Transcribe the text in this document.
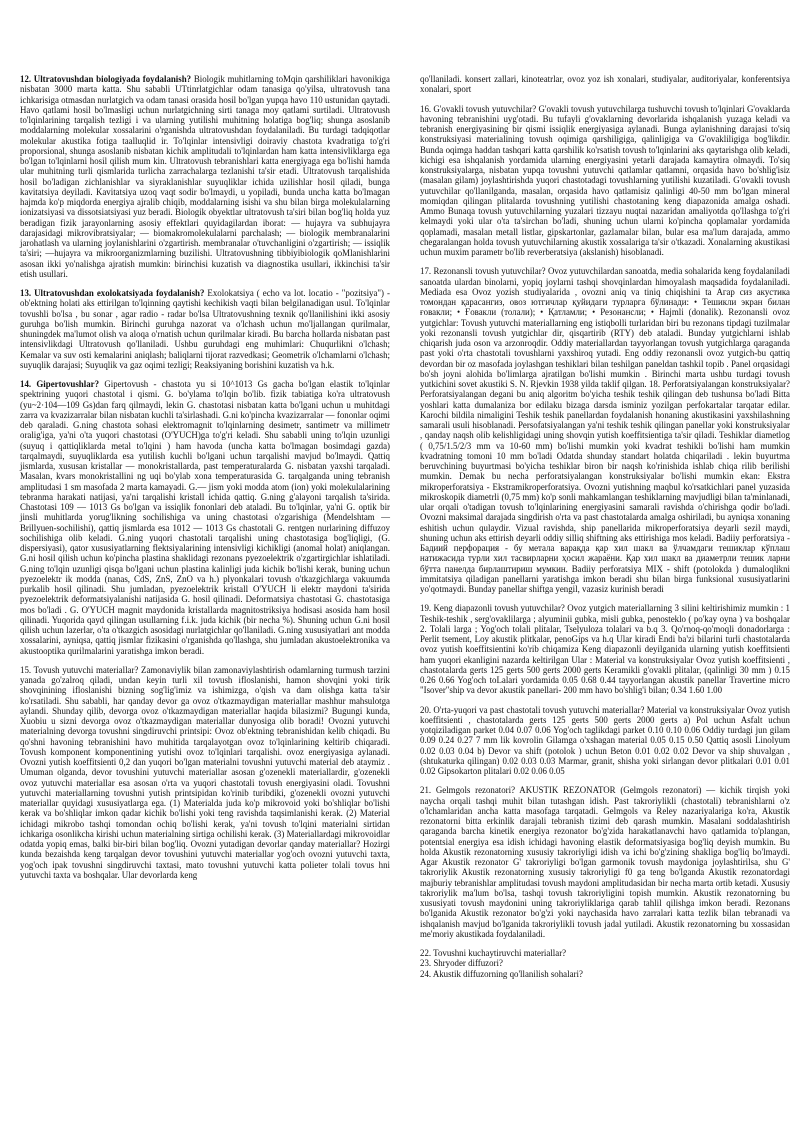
12. Ultratovushdan biologiyada foydalanish? Biologik muhitlarning toMqin qarshiliklari havonikiga nisbatan 3000 marta katta. Shu sababli UTtinrlatgichlar odam tanasiga qo'yilsa, ultratovush tana ichkarisiga otmasdan nurlatgich va odam tanasi orasida hosil bo'lgan yupqa havo 110 ustunidan qaytadi. Havo qatlami hosil bo'lmasligi uchun nurlatgichning sirti tanaga moy qatlami surtiladi. Ultratovush to'lqinlarining tarqalish tezligi i va ularning yutilishi muhitning holatiga bog'liq; shunga asoslanib moddalarning molekular xossalarini o'rganishda ultratovushdan foydalaniladi. Bu turdagi tadqiqotlar molekular akustika fotiga taalluqlid ir. To'lqinlar intensivligi doiraviy chastota kvadratiga to'g'ri proporsional, shunga asoslanib nisbatan kichik amplitudali to'lqinlardan ham katta intensivliklarga ega bo'lgan to'lqinlarni hosil qilish mum kin. Ultratovush tebranishlari katta energiyaga ega bo'lishi hamda ular muhitning turli qismlarida turlicha zarrachalarga tezlanishi ta'sir etadi. Ultratovush tarqalishida hosil bo'ladigan zichlanishlar va siyraklanishlar suyuqliklar ichida uzilishlar hosil qiladi, bunga kavitatsiya deyiladi. Kavitatsiya uzoq vaqt sodir bo'lmaydi, u yopiladi, bunda uncha katta bo'lmagan hajmda ko'p miqdorda energiya ajralib chiqib, moddalarning isishi va shu bilan birga molekulalarning ionizatsiyasi va dissotsiatsiyasi yuz beradi. Biologik obyektlar ultratovush ta'siri bilan bog'liq holda yuz beradigan fizik jarayonlarning asosiy effektlari quyidagilardan iborat: — hujayra va subhujayra darajasidagi mikrovibratsiyalar; — biomakromolekulalarni parchalash; — biologik membranalarini jarohatlash va ularning joylanishlarini o'zgartirish. membranalar o'tuvchanligini o'zgartirish; — issiqlik ta'siri; —hujayra va mikroorganizmlarning buzilishi. Ultratovushning tibbiyibiologik qoMlanishlarini asosan ikki yo'nalishga ajratish mumkin: birinchisi kuzatish va diagnostika usullari, ikkinchisi ta'sir etish usullari.

13. Ultratovushdan exolokatsiyada foydalanish? Exolokatsiya ( echo va lot. locatio - "pozitsiya") - ob'ektning holati aks ettirilgan to'lqinning qaytishi kechikish vaqti bilan belgilanadigan usul. To'lqinlar tovushli bo'lsa , bu sonar , agar radio - radar bo'lsa Ultratovushning texnik qo'llanilishini ikki asosiy guruhga bo'lish mumkin. Birinchi guruhga nazorat va o'lchash uchun mo'ljallangan qurilmalar, shuningdek ma'lumot olish va aloqa o'rnatish uchun qurilmalar kiradi. Bu barcha hollarda nisbatan past intensivlikdagi Ultratovush qo'llaniladi. Ushbu guruhdagi eng muhimlari: Chuqurlikni o'lchash; Kemalar va suv osti kemalarini aniqlash; baliqlarni tijorat razvedkasi; Geometrik o'lchamlarni o'lchash; suyuqlik darajasi; Suyuqlik va gaz oqimi tezligi; Reaksiyaning borishini kuzatish va h.k.

14. Gipertovushlar? Gipertovush - chastota yu si 10^1013 Gs gacha bo'lgan elastik to'lqinlar spektrining yuqori chastotal i qismi. G. bo'ylama to'lqin bo'lib. fizik tabiatiga ko'ra ultratovush (yu~2·104—109 Gs)dan farq qilmaydi, lekin G. chastotasi nisbatan katta bo'lgani uchun u muhitdagi zarra va kvazizarralar bilan nisbatan kuchli ta'sirlashadi. G.ni ko'pincha kvazizarralar — fononlar oqimi deb qaraladi. G.ning chastota sohasi elektromagnit to'lqinlarning desimetr, santimetr va millimetr oralig'iga, ya'ni o'ta yuqori chastotasi (O'YUCH)ga to'g'ri keladi. Shu sababli uning to'lqin uzunligi (suyuq i qattiqliklarda metal to'lqini ) ham havoda (uncha katta bo'lmagan bosimdagi gazda) tarqalmaydi, suyuqliklarda esa yutilish kuchli bo'lgani uchun tarqalishi mavjud bo'lmaydi. Qattiq jismlarda, xususan kristallar — monokristallarda, past temperaturalarda G. nisbatan yaxshi tarqaladi. Masalan, kvars monokristallini ng uqi bo'ylab xona temperaturasida G. tarqalganda uning tebranish amplitudasi 1 sm masofada 2 marta kamayadi. G.— jism yoki modda atom (ion) yoki molekulalarining tebranma harakati natijasi, ya'ni tarqalishi kristall ichida qattiq. G.ning g'alayoni tarqalish ta'sirida. Chastotasi 109 — 1013 Gs bo'lgan va issiqlik fononlari deb ataladi. Bu to'lqinlar, ya'ni G. optik bir jinsli muhitlarda yorug'likning sochilishiga va uning chastotasi o'zgarishiga (Mendelshtam — Brillyuen-sochilishi), qattiq jismlarda esa 1012 — 1013 Gs chastotali G. rentgen nurlarining diffuzoy sochilishiga olib keladi. G.ning yuqori chastotali tarqalishi uning chastotasiga bog'liqligi, (G. dispersiyasi), qator xususiyatlarning flektsiyalarining intensivligi kichikligi (anomal holat) aniqlangan. G.ni hosil qilish uchun ko'pincha plastina shaklidagi rezonans pyezoelektrik o'zgartirgichlar ishlatiladi. G.ning to'lqin uzunligi qisqa bo'lgani uchun plastina kalinligi juda kichik bo'lishi kerak, buning uchun pyezoelektr ik modda (nanas, CdS, ZnS, ZnO va h.) plyonkalari tovush o'tkazgichlarga vakuumda purkalib hosil qilinadi. Shu jumladan, pyezoelektrik kristall O'YUCH li elektr maydoni ta'sirida pyezoelektrik deformatsiyalanishi natijasida G. hosil qilinadi. Deformatsiya chastotasi G. chastotasiga mos bo'ladi . G. O'YUCH magnit maydonida kristallarda magnitostriksiya hodisasi asosida ham hosil qilinadi. Yuqorida qayd qilingan usullarning f.i.k. juda kichik (bir necha %). Shuning uchun G.ni hosil qilish uchun lazerlar, o'ta o'tkazgich asosidagi nurlatgichlar qo'llaniladi. G.ning xususiyatlari ant modda xossalarini, ayniqsa, qattiq jismlar fizikasini o'rganishda qo'llashga, shu jumladan akustoelektronika va akustooptika qurilmalarini yaratishga imkon beradi.

15. Tovush yutuvchi materiallar? Zamonaviylik bilan zamonaviylashtirish odamlarning turmush tarzini yanada go'zalroq qiladi, undan keyin turli xil tovush ifloslanishi, hamon shovqini yoki tirik shovqinining ifloslanishi bizning sog'lig'imiz va ishimizga, o'qish va dam olishga katta ta'sir ko'rsatiladi. Shu sababli, har qanday devor ga ovoz o'tkazmaydigan materiallar mashhur mahsulotga aylandi. Shunday qilib, devorga ovoz o'tkazmaydigan materiallar haqida bilasizmi? Bugungi kunda, Xuobiu u sizni devorga ovoz o'tkazmaydigan materiallar dunyosiga olib boradi! Ovozni yutuvchi materialning devorga tovushni singdiruvchi printsipi: Ovoz ob'ektning tebranishidan kelib chiqadi. Bu qo'shni havoning tebranishini havo muhitida tarqalayotgan ovoz to'lqinlarining keltirib chiqaradi. Tovush komponent komponentining yutishi ovoz to'lqinlari tarqalishi. ovoz energiyasiga aylanadi. Ovozni yutish koeffitsienti 0,2 dan yuqori bo'lgan materialni tovushni yutuvchi material deb ataymiz . Umuman olganda, devor tovushini yutuvchi materiallar asosan g'ozenekli materiallardir, g'ozenekli ovoz yutuvchi materiallar esa asosan o'rta va yuqori chastotali tovush energiyasini oladi. Tovushni yutuvchi materiallarning tovushni yutish printsipidan ko'rinib turibdiki, g'ozenekli ovozni yutuvchi materiallar quyidagi xususiyatlarga ega. (1) Materialda juda ko'p mikrovoid yoki bo'shliqlar bo'lishi kerak va bo'shliqlar imkon qadar kichik bo'lishi yoki teng ravishda taqsimlanishi kerak. (2) Material ichidagi mikrobo tashqi tomondan ochiq bo'lishi kerak, ya'ni tovush to'lqini materialni sirtidan ichkariga osonlikcha kirishi uchun materialning sirtiga ochilishi kerak. (3) Materiallardagi mikrovoidlar odatda yopiq emas, balki bir-biri bilan bog'liq. Ovozni yutadigan devorlar qanday materiallar? Hozirgi kunda bezaishda keng tarqalgan devor tovushini yutuvchi materiallar yog'och ovozni yutuvchi taxta, yog'och ipak tovushni singdiruvchi taxtasi, mato tovushni yutuvchi katta polieter tolali tovus hni yutuvchi taxta va boshqalar. Ular devorlarda keng

qo'llaniladi. konsert zallari, kinoteatrlar, ovoz yoz ish xonalari, studiyalar, auditoriyalar, konferentsiya xonalari, sport

16. G'ovakli tovush yutuvchilar? G'ovakli tovush yutuvchilarga tushuvchi tovush to'lqinlari G'ovaklarda havoning tebranishini uyg'otadi. Bu tufayli g'ovaklarning devorlarida ishqalanish yuzaga keladi va tebranish energiyasining bir qismi issiqlik energiyasiga aylanadi. Bunga aylanishning darajasi to'siq konstruksiyasi materialining tovush oqimiga qarshiligiga, qalinligiga va G'ovakliligiga bog'likdir. Bunda oqimga haddan tashqari katta qarshilik ko'rsatish tovush to'lqinlarini aks qaytarishga olib keladi, kichigi esa ishqalanish yordamida ularning energiyasini yetarli darajada kamaytira olmaydi. To'siq konstruksiyalarga, nisbatan yupqa tovushni yutuvchi qatlamlar qatlamni, orqasida havo bo'shlig'isiz (masalan gilam) joylashtirishda yuqori chastotadagi tovushlarning yutilishi kuzatiladi. G'ovakli tovush yutuvchilar qo'llanilganda, masalan, orqasida havo qatlamisiz qalinligi 40-50 mm bo'lgan mineral momiqdan qilingan plitalarda tovushning yutilishi chastotaning keng diapazonida amalga oshadi. Ammo Bunaqa tovush yutuvchilarning yuzalari tizzayu nuqtai nazaridan amaliyotda qo'llashga to'g'ri kelmaydi yoki ular o'ta ta'sirchan bo'ladi, shuning uchun ularni ko'pincha qoplamalar yordamida qoplamadi, masalan metall listlar, gipskartonlar, gazlamalar bilan, bular esa ma'lum darajada, ammo chegaralangan holda tovush yutuvchilarning akustik xossalariga ta'sir o'tkazadi. Xonalarning akustikasi uchun muxim parametr bo'lib reverberatsiya (akslanish) hisoblanadi.

17. Rezonansli tovush yutuvchilar? Ovoz yutuvchilardan sanoatda, media sohalarida keng foydalaniladi sanoatda ulardan binolarni, yopiq joylarni tashqi shovqinlardan himoyalash maqsadida foydalaniladi. Mediada esa Ovoz yozish studiyalarida , ovozni aniq va tiniq chiqishini ta Агар сиз акустика томондан қарасангиз, овоз ютгичлар қуйидаги турларга бўлинади: • Тешикли экран билан ғовакли; • Ғовакли (толали); • Қатламли; • Резонансли; • Hajmli (donalik). Rezonansli ovoz yutgichlar: Tovush yutuvchi materiallarning eng istiqbolli turlaridan biri bu rezonans tipdagi tuzilmalar yoki rezonansli tovush yutgichlar dir, qisqartirib (RTY) deb ataladi. Bunday yutgichlarni ishlab chiqarish juda oson va arzonroqdir. Oddiy materiallardan tayyorlangan tovush yutgichlarga qaraganda past yoki o'rta chastotali tovushlarni yaxshiroq yutadi. Eng oddiy rezonansli ovoz yutgich-bu qattiq devordan bir oz masofada joylashgan teshiklari bilan teshilgan paneldan tashkil topib . Panel orqasidagi bo'sh joyni alohida bo'limlarga ajratilgan bo'lishi mumkin . Birinchi marta ushbu turdagi tovush yutkichini sovet akustiki S. N. Rjevkin 1938 yilda taklif qilgan. 18. Perforatsiyalangan konstruksiyalar? Perforatsiyalangan degani bu aniq algoritm bo'yicha teshik teshik qilingan deb tushunsa bo'ladi Bitta yoshlari katta dumalaniza bor edilaku bizaga darsda isminiz yozilgan perfokartalar tarqatar edilar. Karochi bildila nimaligini Teshik teshik panellardan foydalanish honaning akustikasini yaxshilashning samarali usuli hisoblanadi. Persofatsiyalangan ya'ni teshik teshik qilingan panellar yoki konstruksiyalar , qanday naqsh olib kelishligidagi uning shovqin yutish koeffitsientiga ta'sir qiladi. Teshiklar diametlog ( 0,75/1.5/2/3 mm va 10-60 mm) bo'lishi mumkin yoki kvadrat teshikli bo'lishi ham mumkin kvadratning tomoni 10 mm bo'ladi Odatda shunday standart holatda chiqariladi . lekin buyurtma beruvchining buyurtmasi bo'yicha teshiklar biron bir naqsh ko'rinishida ishlab chiqa rilib berilishi mumkin. Demak bu necha perforatsiyalangan konstruksiyalar bo'lishi mumkin ekan: Ekstra mikroperforatsiya - Ekstramikroperforatsiya. Ovozni yutishning maqbul ko'rsatkichlari panel yuzasida mikroskopik diametrli (0,75 mm) ko'p sonli mahkamlangan teshiklarning mavjudligi bilan ta'minlanadi, ular orqali o'tadigan tovush to'lqinlarining energiyasini samarali ravishda o'chirishga qodir bo'ladi. Ovozni maksimal darajada singdirish o'rta va past chastotalarda amalga oshiriladi, bu ayniqsa xonaning eshitish uchun qulaydir. Vizual ravishda, ship panellarida mikroperforatsiya deyarli sezil maydi, shuning uchun aks ettirish deyarli oddiy silliq shiftning aks ettirishiga mos keladi. Badiiy perforatsiya - Бадиий перфорация - бу метала варақда қар хил шакл ва ўлчамдаги тешиклар кўплаш натижасида турли хил тасвирларни ҳосил жараёни. Қар хил шакл ва диаметрли тешик ларни бўтта панелда бирлаштириш мумкин. Badiiy perforatsiya MIX - shift (potolokda ) dumaloqlikni immitatsiya qiladigan panellarni yaratishga imkon beradi shu bilan birga funksional xususiyatlarini yo'qotmaydi. Bunday panellar shiftga yengil, vazasiz kurinish beradi

19. Keng diapazonli tovush yutuvchilar? Ovoz yutgich materiallarning 3 silini keltirishimiz mumkin : 1 Teshik-teshik , serg'ovaklilarga ; alyuminii gubka, misli gubka, penosteklo ( po'kay oyna ) va boshqalar 2. Tolali larga ; Yog'och tolali plitalar, Tselyuloza tolalari va b.q 3. Qo'rnoq-qo'moqli donadorlarga : Perlit tsement, Loy akustik plitkalar, penoGips va h.q Ular kiradi Endi ba'zi bilarini turli chastotalarda ovoz yutish koeffitsientini ko'rib chiqamiza Keng diapazonli deyilganida ularning yutish koeffitsienti ham yuqori ekanligini nazarda keltirilgan Ular : Material va konstruksiyalar Ovoz yutish koeffitsienti , chastotalarda gerts 125 gerts 500 gerts 2000 gerts Keramikli g'ovakli plitalar, (qalinligi 30 mm ) 0.15 0.26 0.66 Yog'och toLalari yordamida 0.05 0.68 0.44 tayyorlangan akustik panellar Travertine micro "Isover"ship va devor akustik panellari- 200 mm havo bo'shlig'i bilan; 0.34 1.60 1.00

20. O'rta-yuqori va past chastotali tovush yutuvchi materiallar? Material va konstruksiyalar Ovoz yutish koeffitsienti , chastotalarda gerts 125 gerts 500 gerts 2000 gerts a) Pol uchun Asfalt uchun yotqiziladigan parket 0.04 0.07 0.06 Yog'och taglikdagi parket 0.10 0.10 0.06 Oddiy turdagi jun gilam 0.09 0.24 0.27 7 mm lik kovrolin Gilamga o'xshagan material 0.05 0.15 0.50 Qattiq asosli Linolyum 0.02 0.03 0.04 b) Devor va shift (potolok ) uchun Beton 0.01 0.02 0.02 Devor va ship shuvalgan , (shtukaturka qilingan) 0.02 0.03 0.03 Marmar, granit, shisha yoki sirlangan devor plitkalari 0.01 0.01 0.02 Gipsokarton plitalari 0.02 0.06 0.05

21. Gelmgols rezonatori? AKUSTIK REZONATOR (Gelmgols rezonatori) — kichik tirqish yoki naycha orqali tashqi muhit bilan tutashgan idish. Past takroriylikli (chastotali) tebranishlarni o'z o'lchamlaridan ancha katta masofaga tarqatadi. Gelmgols va Reley nazariyalariga ko'ra, Akustik rezonatorni bitta erkinlik darajali tebranish tizimi deb qarash mumkin. Masalani soddalashtirish qaraganda barcha kinetik energiya rezonator bo'g'zida harakatlanavchi havo qatlamida to'plangan, potentsial energiya esa idish ichidagi havoning elastik deformatsiyasiga bog'liq deyish mumkin. Bu holda Akustik rezonatorning xususiy takroriyligi idish va ichi bo'g'zining shakliga bog'liq bo'lmaydi. Agar Akustik rezonator G' takroriyligi bo'lgan garmonik tovush maydoniga joylashtirilsa, shu G' takroriylik Akustik rezonatorning xususiy takroriyligi f0 ga teng bo'lganda Akustik rezonatordagi majburiy tebranishlar amplitudasi tovush maydoni amplitudasidan bir necha marta ortib ketadi. Xususiy takroriylik ma'lum bo'lsa, tashqi tovush takroriyligini topish mumkin. Akustik rezonatorning bu xususiyati tovush maydonini uning takroriyliklariga qarab tahlil qilishga imkon beradi. Rezonans bo'lganida Akustik rezonator bo'g'zi yoki naychasida havo zarralari katta tezlik bilan tebranadi va ishqalanish mavjud bo'lganida takroriylikli tovush jadal yutiladi. Akustik rezonatorning bu xossasidan me'moriy akustikada foydalaniladi.

22. Tovushni kuchaytiruvchi materiallar?

23. Shryoder diffuzori?

24. Akustik diffuzorning qo'llanilish sohalari?
